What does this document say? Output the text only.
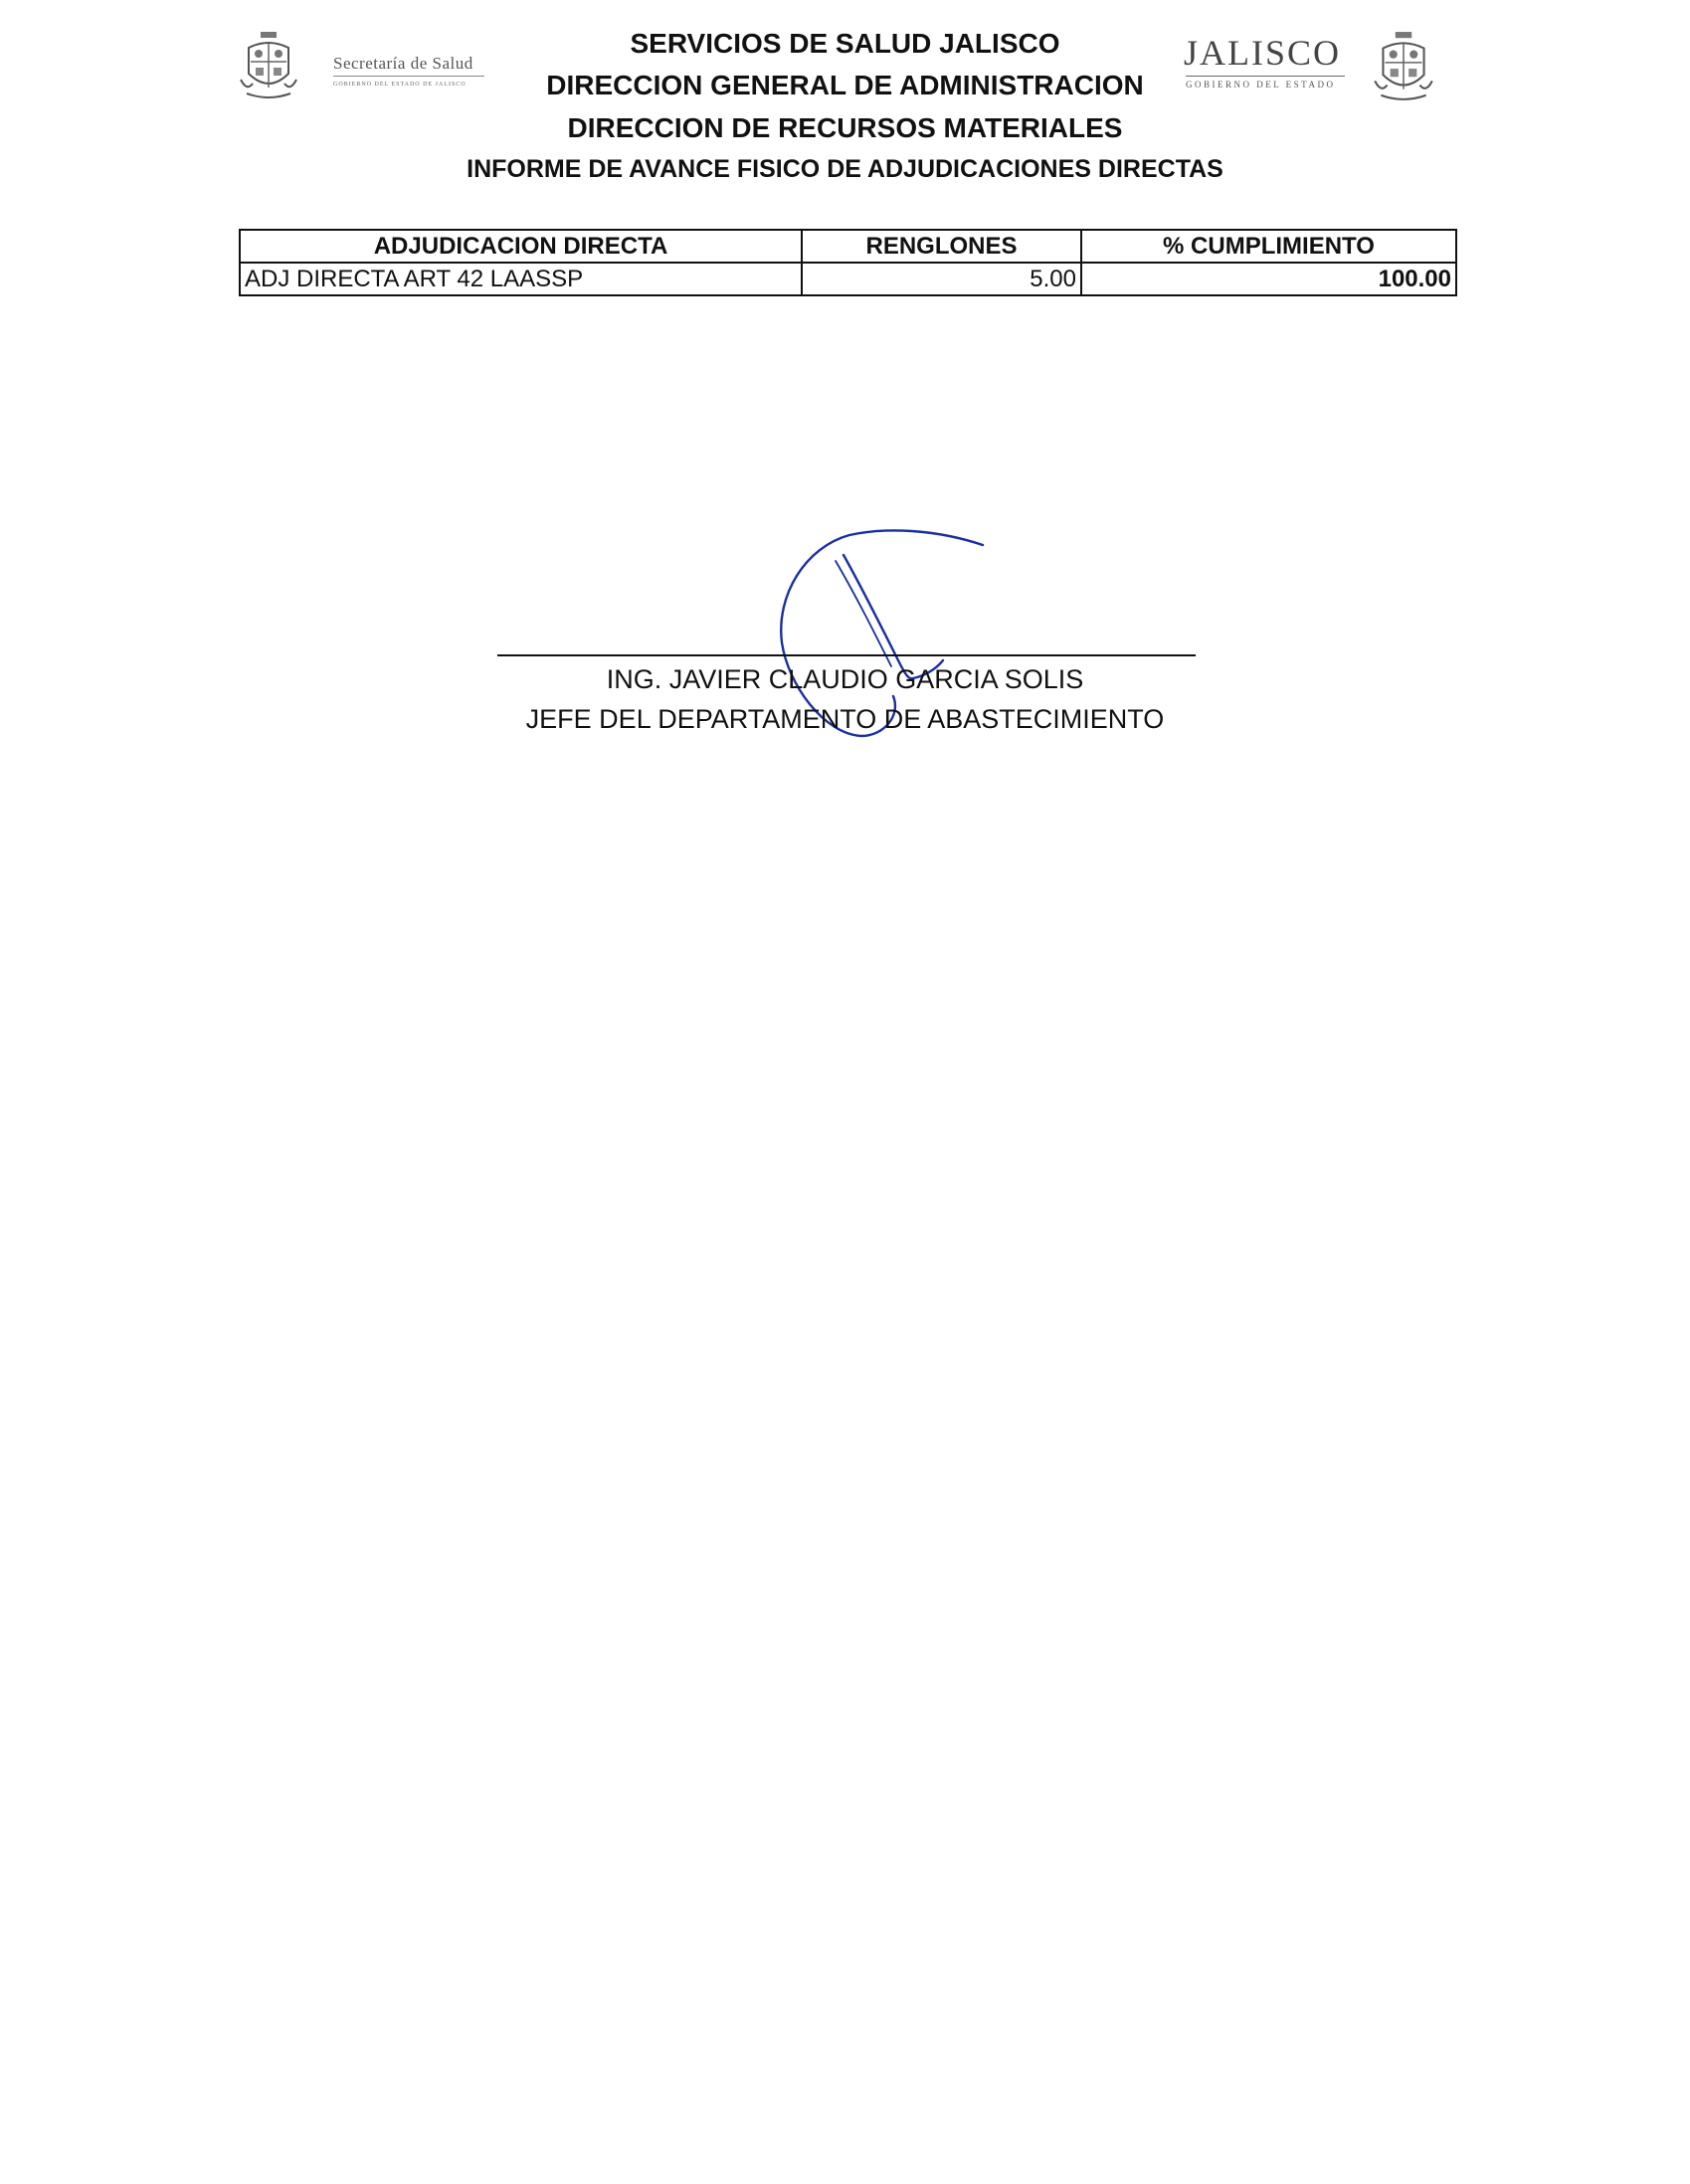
Secretaría de Salud
GOBIERNO DEL ESTADO DE JALISCO
SERVICIOS DE SALUD JALISCO
DIRECCION GENERAL DE ADMINISTRACION
DIRECCION DE RECURSOS MATERIALES
INFORME DE AVANCE FISICO DE ADJUDICACIONES DIRECTAS
JALISCO
GOBIERNO DEL ESTADO
ADJUDICACION DIRECTA	RENGLONES	% CUMPLIMIENTO
ADJ DIRECTA ART 42 LAASSP	5.00	100.00
ING. JAVIER CLAUDIO GARCIA SOLIS
JEFE DEL DEPARTAMENTO DE ABASTECIMIENTO
